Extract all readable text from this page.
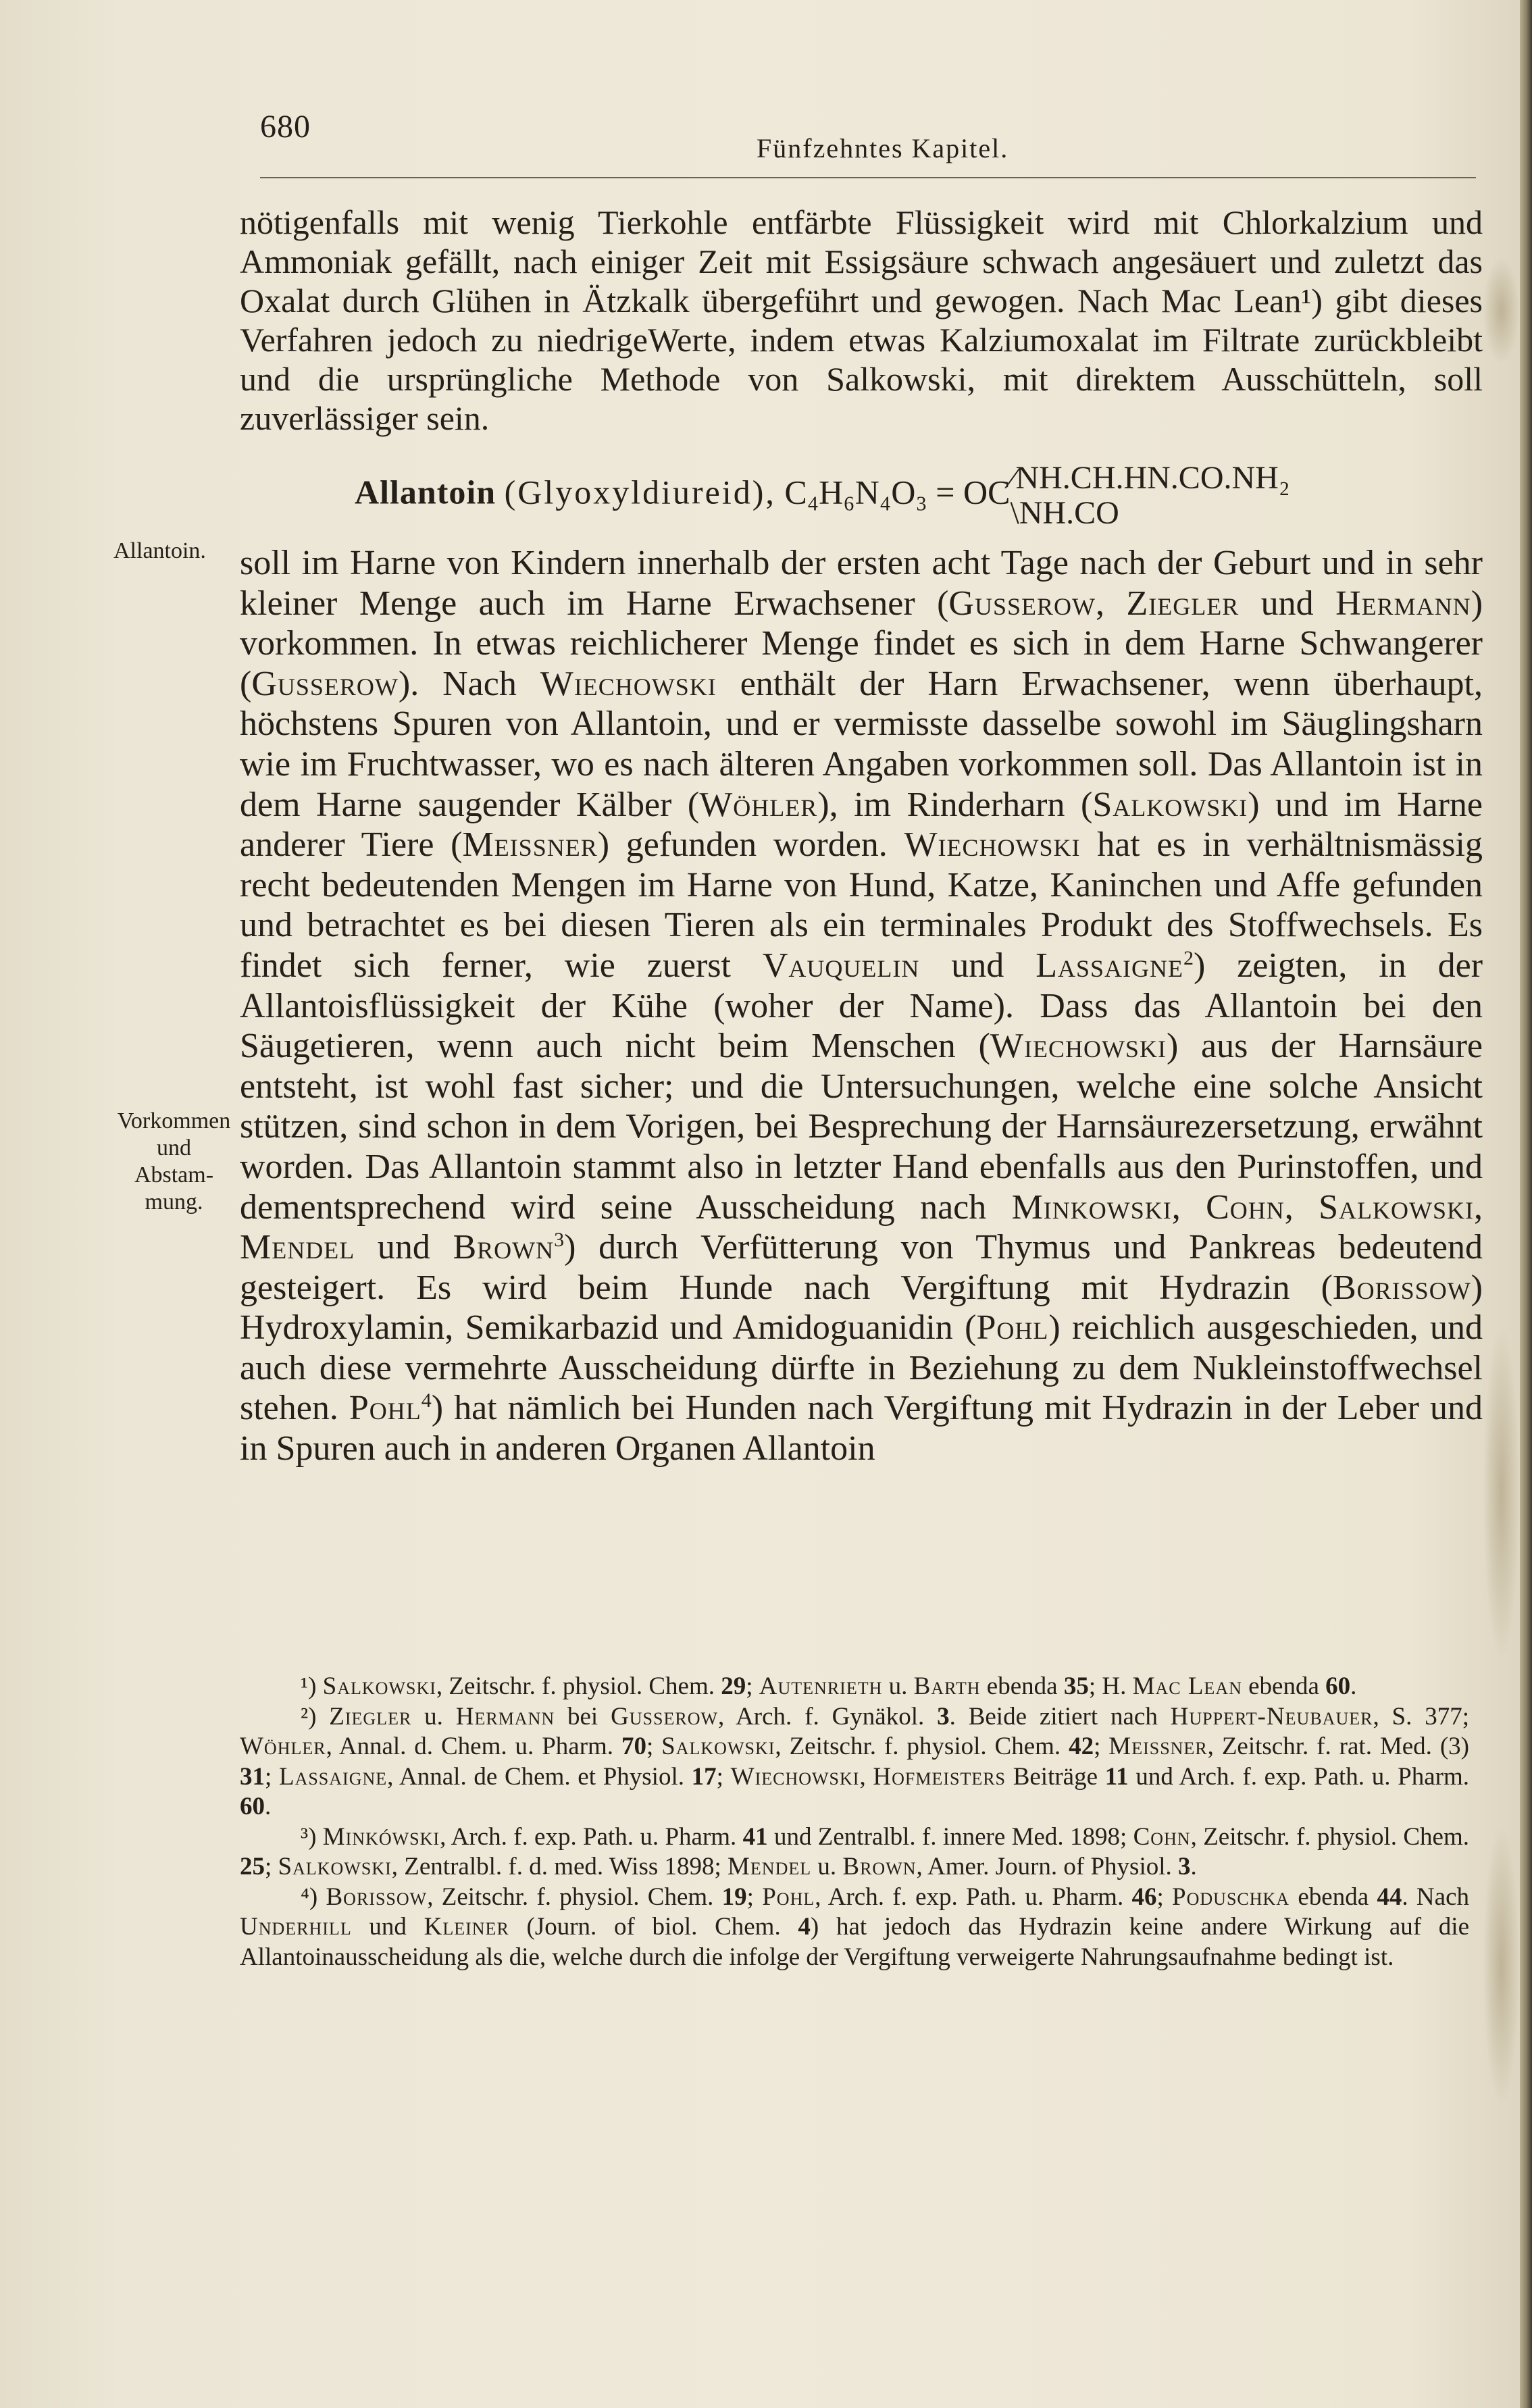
680
Fünfzehntes Kapitel.
Allantoin.
Vorkommen
und
Abstam-
mung.

nötigenfalls mit wenig Tierkohle entfärbte Flüssigkeit wird mit Chlorkalzium und Ammoniak gefällt, nach einiger Zeit mit Essigsäure schwach angesäuert und zuletzt das Oxalat durch Glühen in Ätzkalk übergeführt und gewogen. Nach Mac Lean¹) gibt dieses Verfahren jedoch zu niedrigeWerte, indem etwas Kalziumoxalat im Filtrate zurückbleibt und die ursprüngliche Methode von Salkowski, mit direktem Ausschütteln, soll zuverlässiger sein.

Allantoin (Glyoxyldiureid), C₄H₆N₄O₃ = OC ⁄NH.CH.HN.CO.NH₂
\NH.CO

soll im Harne von Kindern innerhalb der ersten acht Tage nach der Geburt und in sehr kleiner Menge auch im Harne Erwachsener (Gusserow, Ziegler und Hermann) vorkommen. In etwas reichlicherer Menge findet es sich in dem Harne Schwangerer (Gusserow). Nach Wiechowski enthält der Harn Erwachsener, wenn überhaupt, höchstens Spuren von Allantoin, und er vermisste dasselbe sowohl im Säuglingsharn wie im Fruchtwasser, wo es nach älteren Angaben vorkommen soll. Das Allantoin ist in dem Harne saugender Kälber (Wöhler), im Rinderharn (Salkowski) und im Harne anderer Tiere (Meissner) gefunden worden. Wiechowski hat es in verhältnismässig recht bedeutenden Mengen im Harne von Hund, Katze, Kaninchen und Affe gefunden und betrachtet es bei diesen Tieren als ein terminales Produkt des Stoffwechsels. Es findet sich ferner, wie zuerst Vauquelin und Lassaigne$^2$) zeigten, in der Allantoisflüssigkeit der Kühe (woher der Name). Dass das Allantoin bei den Säugetieren, wenn auch nicht beim Menschen (Wiechowski) aus der Harnsäure entsteht, ist wohl fast sicher; und die Untersuchungen, welche eine solche Ansicht stützen, sind schon in dem Vorigen, bei Besprechung der Harnsäurezersetzung, erwähnt worden. Das Allantoin stammt also in letzter Hand ebenfalls aus den Purinstoffen, und dementsprechend wird seine Ausscheidung nach Minkowski, Cohn, Salkowski, Mendel und Brown$^3$) durch Verfütterung von Thymus und Pankreas bedeutend gesteigert. Es wird beim Hunde nach Vergiftung mit Hydrazin (Borissow) Hydroxylamin, Semikarbazid und Amidoguanidin (Pohl) reichlich ausgeschieden, und auch diese vermehrte Ausscheidung dürfte in Beziehung zu dem Nukleinstoffwechsel stehen. Pohl$^4$) hat nämlich bei Hunden nach Vergiftung mit Hydrazin in der Leber und in Spuren auch in anderen Organen Allantoin

¹) Salkowski, Zeitschr. f. physiol. Chem. 29; Autenrieth u. Barth ebenda 35; H. Mac Lean ebenda 60.

²) Ziegler u. Hermann bei Gusserow, Arch. f. Gynäkol. 3. Beide zitiert nach Huppert-Neubauer, S. 377; Wöhler, Annal. d. Chem. u. Pharm. 70; Salkowski, Zeitschr. f. physiol. Chem. 42; Meissner, Zeitschr. f. rat. Med. (3) 31; Lassaigne, Annal. de Chem. et Physiol. 17; Wiechowski, Hofmeisters Beiträge 11 und Arch. f. exp. Path. u. Pharm. 60.

³) Minkówski, Arch. f. exp. Path. u. Pharm. 41 und Zentralbl. f. innere Med. 1898; Cohn, Zeitschr. f. physiol. Chem. 25; Salkowski, Zentralbl. f. d. med. Wiss 1898; Mendel u. Brown, Amer. Journ. of Physiol. 3.

⁴) Borissow, Zeitschr. f. physiol. Chem. 19; Pohl, Arch. f. exp. Path. u. Pharm. 46; Poduschka ebenda 44. Nach Underhill und Kleiner (Journ. of biol. Chem. 4) hat jedoch das Hydrazin keine andere Wirkung auf die Allantoinausscheidung als die, welche durch die infolge der Vergiftung verweigerte Nahrungsaufnahme bedingt ist.
